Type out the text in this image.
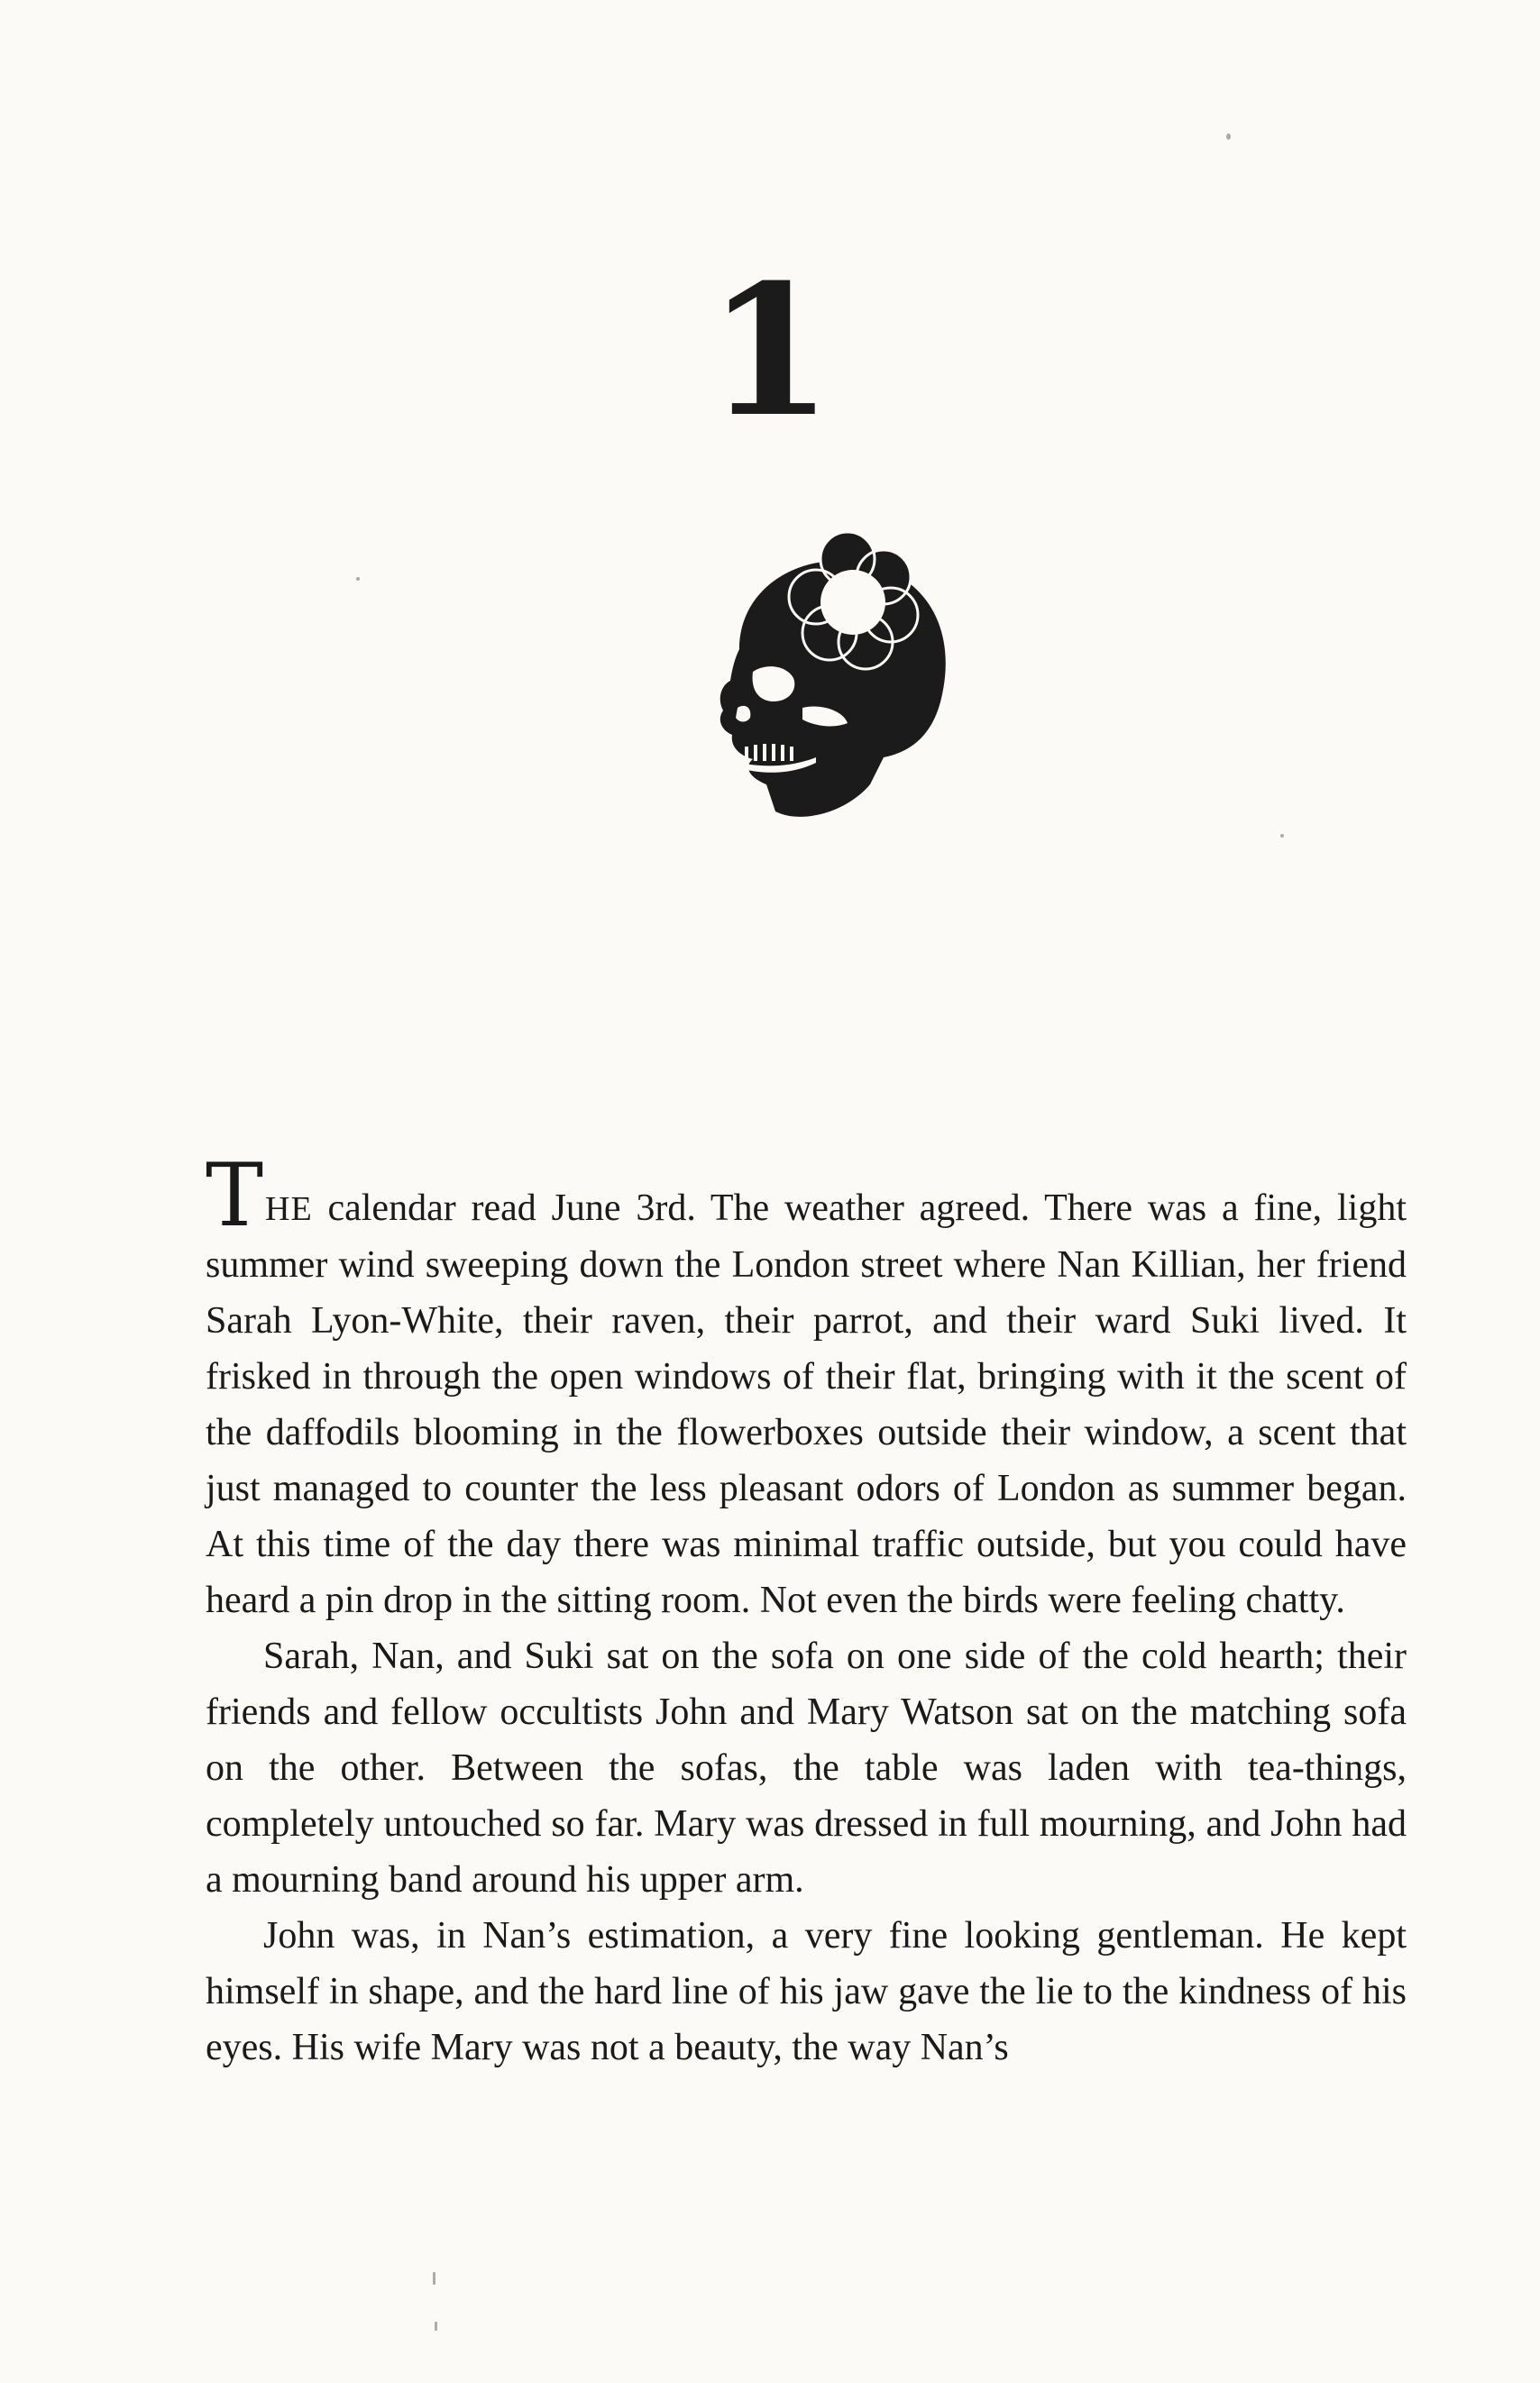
1

THE calendar read June 3rd. The weather agreed. There was a fine, light summer wind sweeping down the London street where Nan Killian, her friend Sarah Lyon-White, their raven, their parrot, and their ward Suki lived. It frisked in through the open windows of their flat, bringing with it the scent of the daffodils blooming in the flowerboxes outside their window, a scent that just managed to counter the less pleasant odors of London as summer began. At this time of the day there was minimal traffic outside, but you could have heard a pin drop in the sitting room. Not even the birds were feeling chatty.

Sarah, Nan, and Suki sat on the sofa on one side of the cold hearth; their friends and fellow occultists John and Mary Watson sat on the matching sofa on the other. Between the sofas, the table was laden with tea-things, completely untouched so far. Mary was dressed in full mourning, and John had a mourning band around his upper arm.

John was, in Nan’s estimation, a very fine looking gentleman. He kept himself in shape, and the hard line of his jaw gave the lie to the kindness of his eyes. His wife Mary was not a beauty, the way Nan’s
